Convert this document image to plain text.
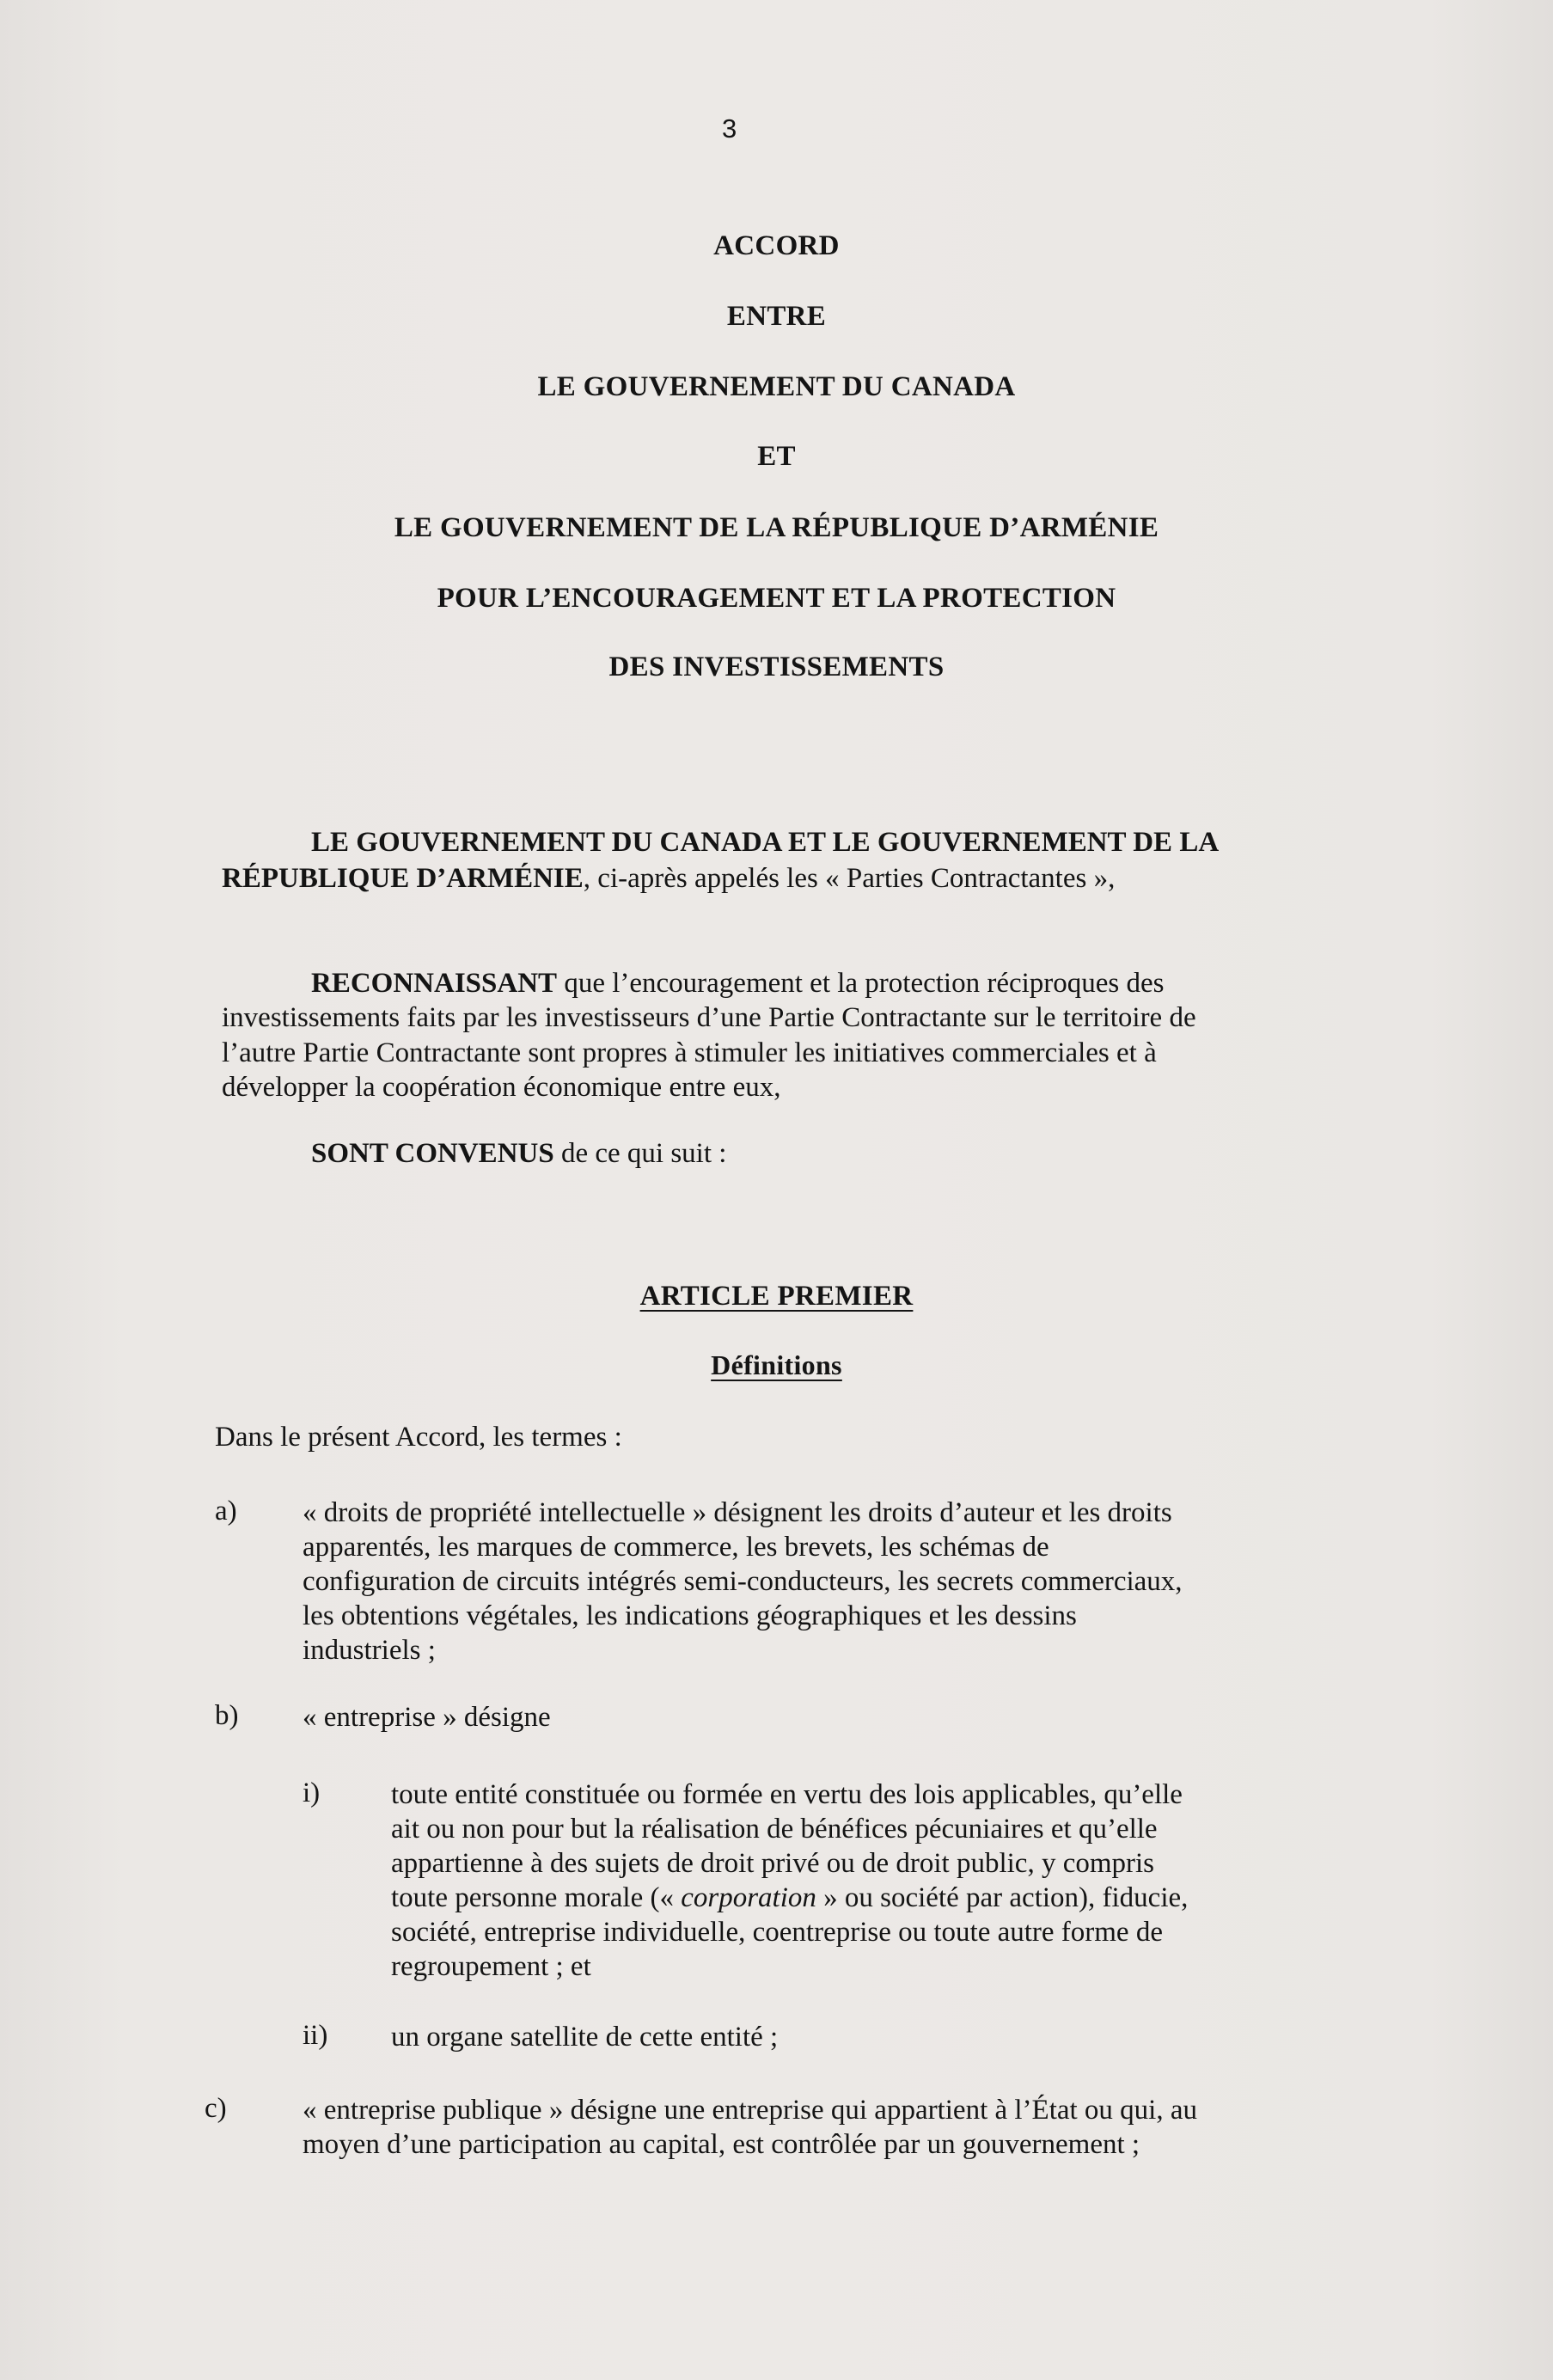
3
ACCORD
ENTRE
LE GOUVERNEMENT DU CANADA
ET
LE GOUVERNEMENT DE LA RÉPUBLIQUE D’ARMÉNIE
POUR L’ENCOURAGEMENT ET LA PROTECTION
DES INVESTISSEMENTS
LE GOUVERNEMENT DU CANADA ET LE GOUVERNEMENT DE LA
RÉPUBLIQUE D’ARMÉNIE, ci-après appelés les « Parties Contractantes »,
RECONNAISSANT que l’encouragement et la protection réciproques des
investissements faits par les investisseurs d’une Partie Contractante sur le territoire de
l’autre Partie Contractante sont propres à stimuler les initiatives commerciales et à
développer la coopération économique entre eux,
SONT CONVENUS de ce qui suit :
ARTICLE PREMIER
Définitions
Dans le présent Accord, les termes :
a) « droits de propriété intellectuelle » désignent les droits d’auteur et les droits
apparentés, les marques de commerce, les brevets, les schémas de
configuration de circuits intégrés semi-conducteurs, les secrets commerciaux,
les obtentions végétales, les indications géographiques et les dessins
industriels ;
b) « entreprise » désigne
i)	toute entité constituée ou formée en vertu des lois applicables, qu’elle
ait ou non pour but la réalisation de bénéfices pécuniaires et qu’elle
appartienne à des sujets de droit privé ou de droit public, y compris
toute personne morale (« corporation » ou société par action), fiducie,
société, entreprise individuelle, coentreprise ou toute autre forme de
regroupement ; et
ii) un organe satellite de cette entité ;
c)	« entreprise publique » désigne une entreprise qui appartient à l’État ou qui, au
moyen d’une participation au capital, est contrôlée par un gouvernement ;
